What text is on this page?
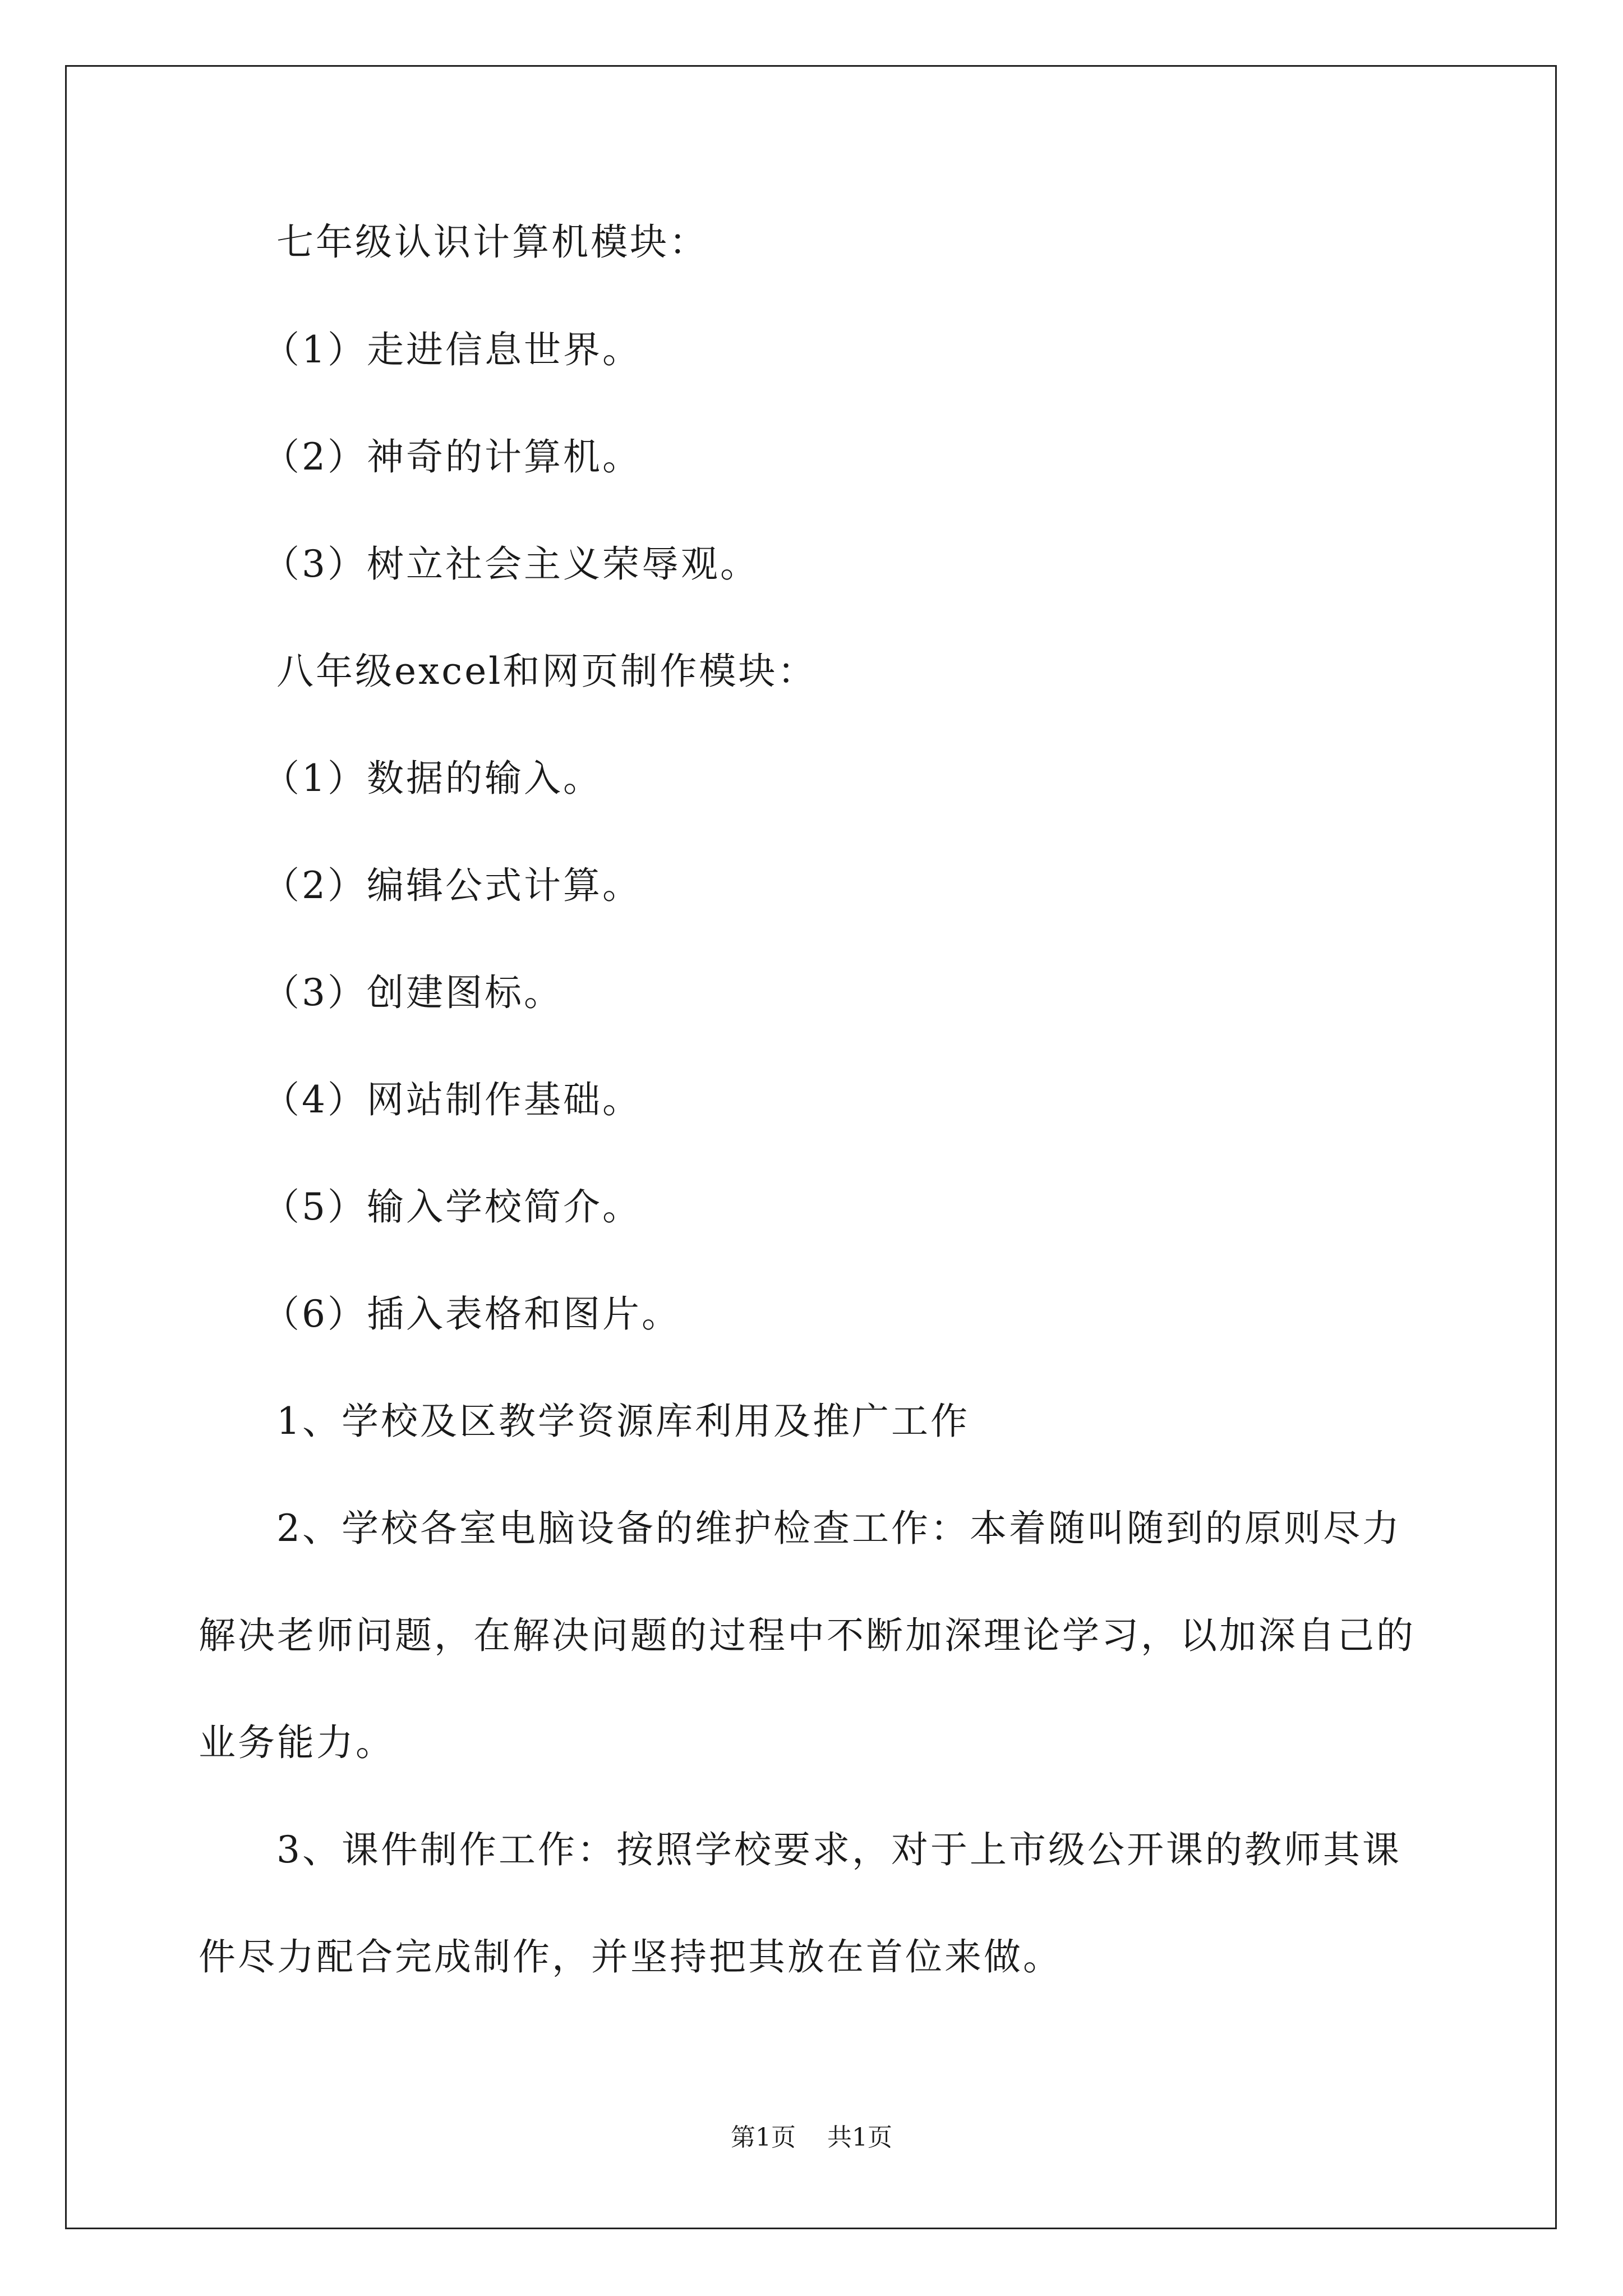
七年级认识计算机模块：
（1）走进信息世界。
（2）神奇的计算机。
（3）树立社会主义荣辱观。
八年级excel和网页制作模块：
（1）数据的输入。
（2）编辑公式计算。
（3）创建图标。
（4）网站制作基础。
（5）输入学校简介。
（6）插入表格和图片。
1、学校及区教学资源库利用及推广工作
2、学校各室电脑设备的维护检查工作：本着随叫随到的原则尽力
解决老师问题，在解决问题的过程中不断加深理论学习，以加深自己的
业务能力。
3、课件制作工作：按照学校要求，对于上市级公开课的教师其课
件尽力配合完成制作，并坚持把其放在首位来做。
第1页 共1页
